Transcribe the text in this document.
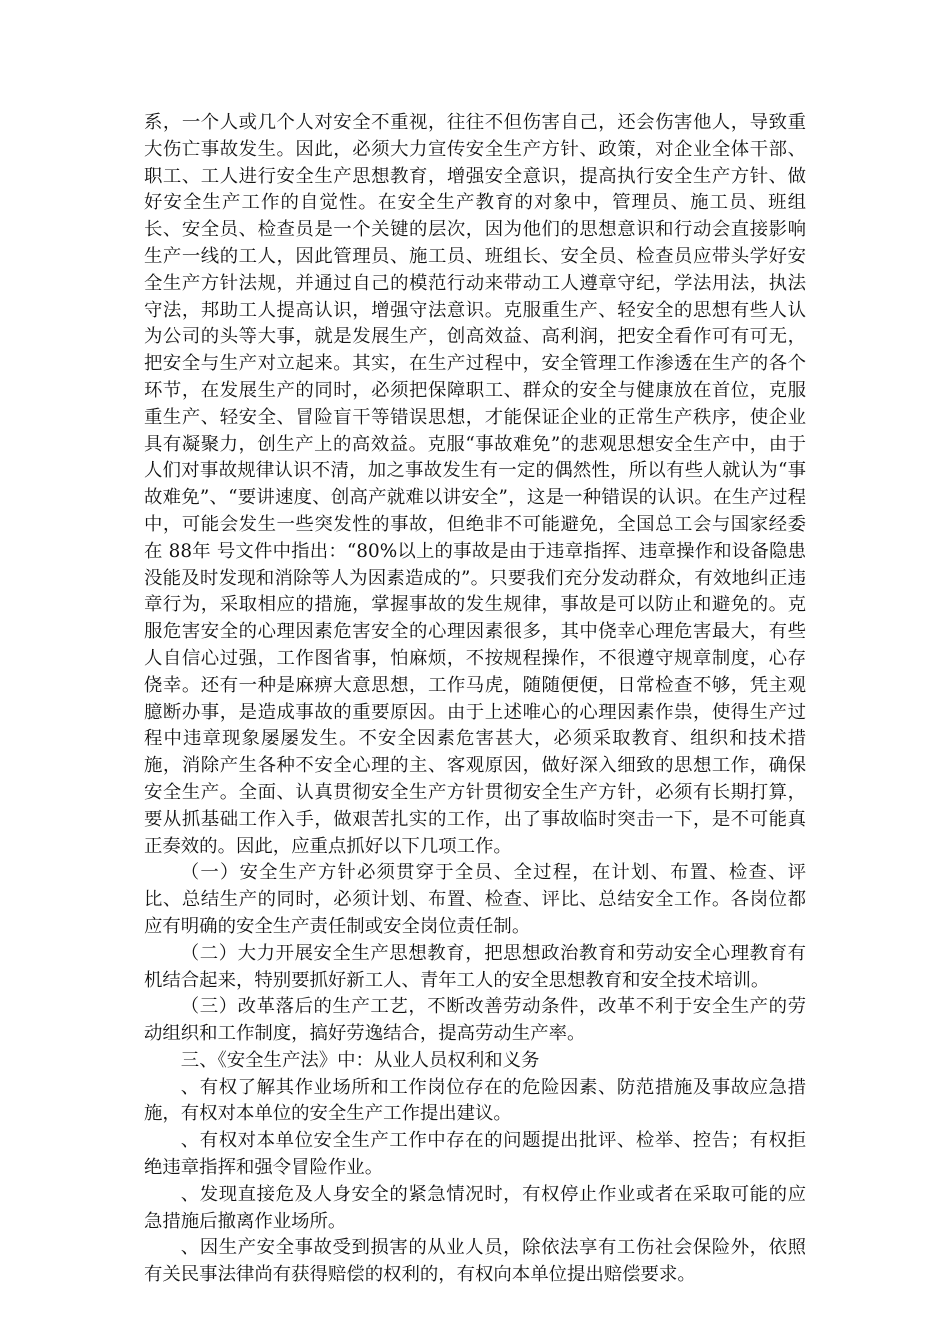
系，一个人或几个人对安全不重视，往往不但伤害自己，还会伤害他人，导致重大伤亡事故发生。因此，必须大力宣传安全生产方针、政策，对企业全体干部、职工、工人进行安全生产思想教育，增强安全意识，提高执行安全生产方针、做好安全生产工作的自觉性。在安全生产教育的对象中，管理员、施工员、班组长、安全员、检查员是一个关键的层次，因为他们的思想意识和行动会直接影响生产一线的工人，因此管理员、施工员、班组长、安全员、检查员应带头学好安全生产方针法规，并通过自己的模范行动来带动工人遵章守纪，学法用法，执法守法，邦助工人提高认识，增强守法意识。克服重生产、轻安全的思想有些人认为公司的头等大事，就是发展生产，创高效益、高利润，把安全看作可有可无，把安全与生产对立起来。其实，在生产过程中，安全管理工作渗透在生产的各个环节，在发展生产的同时，必须把保障职工、群众的安全与健康放在首位，克服重生产、轻安全、冒险盲干等错误思想，才能保证企业的正常生产秩序，使企业具有凝聚力，创生产上的高效益。克服“事故难免”的悲观思想安全生产中，由于人们对事故规律认识不清，加之事故发生有一定的偶然性，所以有些人就认为“事故难免”、“要讲速度、创高产就难以讲安全”，这是一种错误的认识。在生产过程中，可能会发生一些突发性的事故，但绝非不可能避免，全国总工会与国家经委在 88年 号文件中指出：“80%以上的事故是由于违章指挥、违章操作和设备隐患没能及时发现和消除等人为因素造成的”。只要我们充分发动群众，有效地纠正违章行为，采取相应的措施，掌握事故的发生规律，事故是可以防止和避免的。克服危害安全的心理因素危害安全的心理因素很多，其中侥幸心理危害最大，有些人自信心过强，工作图省事，怕麻烦，不按规程操作，不很遵守规章制度，心存侥幸。还有一种是麻痹大意思想，工作马虎，随随便便，日常检查不够，凭主观臆断办事，是造成事故的重要原因。由于上述唯心的心理因素作祟，使得生产过程中违章现象屡屡发生。不安全因素危害甚大，必须采取教育、组织和技术措施，消除产生各种不安全心理的主、客观原因，做好深入细致的思想工作，确保安全生产。全面、认真贯彻安全生产方针贯彻安全生产方针，必须有长期打算，要从抓基础工作入手，做艰苦扎实的工作，出了事故临时突击一下，是不可能真正奏效的。因此，应重点抓好以下几项工作。

（一）安全生产方针必须贯穿于全员、全过程，在计划、布置、检查、评比、总结生产的同时，必须计划、布置、检查、评比、总结安全工作。各岗位都应有明确的安全生产责任制或安全岗位责任制。

（二）大力开展安全生产思想教育，把思想政治教育和劳动安全心理教育有机结合起来，特别要抓好新工人、青年工人的安全思想教育和安全技术培训。

（三）改革落后的生产工艺，不断改善劳动条件，改革不利于安全生产的劳动组织和工作制度，搞好劳逸结合，提高劳动生产率。

三、《安全生产法》中：从业人员权利和义务

、有权了解其作业场所和工作岗位存在的危险因素、防范措施及事故应急措施，有权对本单位的安全生产工作提出建议。

、有权对本单位安全生产工作中存在的问题提出批评、检举、控告；有权拒绝违章指挥和强令冒险作业。

、发现直接危及人身安全的紧急情况时，有权停止作业或者在采取可能的应急措施后撤离作业场所。

、因生产安全事故受到损害的从业人员，除依法享有工伤社会保险外，依照有关民事法律尚有获得赔偿的权利的，有权向本单位提出赔偿要求。
